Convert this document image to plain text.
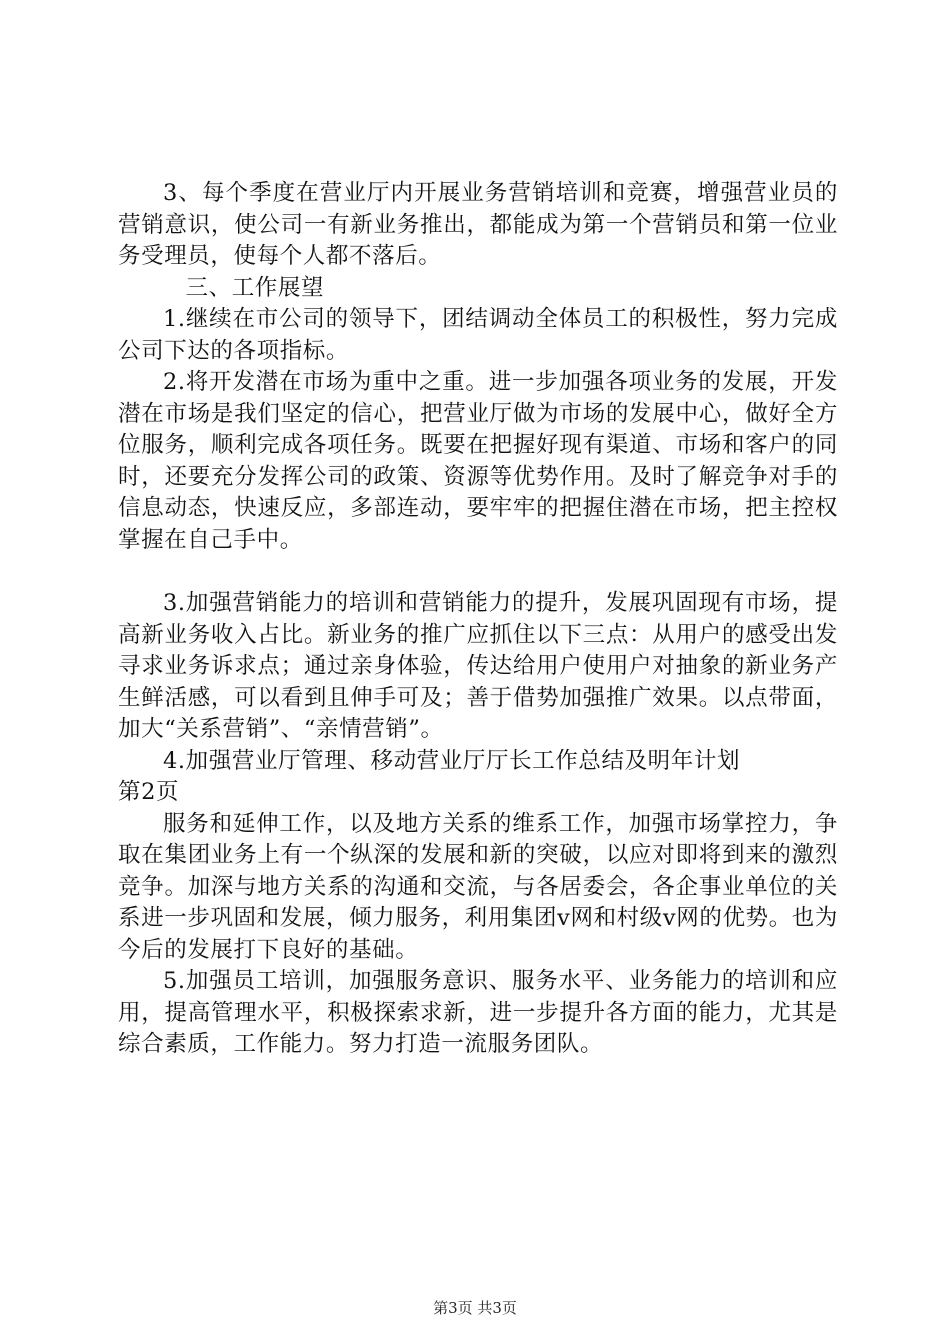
3、每个季度在营业厅内开展业务营销培训和竞赛，增强营业员的营销意识，使公司一有新业务推出，都能成为第一个营销员和第一位业务受理员，使每个人都不落后。

三、工作展望

1.继续在市公司的领导下，团结调动全体员工的积极性，努力完成公司下达的各项指标。

2.将开发潜在市场为重中之重。进一步加强各项业务的发展，开发潜在市场是我们坚定的信心，把营业厅做为市场的发展中心，做好全方位服务，顺利完成各项任务。既要在把握好现有渠道、市场和客户的同时，还要充分发挥公司的政策、资源等优势作用。及时了解竞争对手的信息动态，快速反应，多部连动，要牢牢的把握住潜在市场，把主控权掌握在自己手中。

3.加强营销能力的培训和营销能力的提升，发展巩固现有市场，提高新业务收入占比。新业务的推广应抓住以下三点：从用户的感受出发寻求业务诉求点；通过亲身体验，传达给用户使用户对抽象的新业务产生鲜活感，可以看到且伸手可及；善于借势加强推广效果。以点带面，加大“关系营销”、“亲情营销”。

4.加强营业厅管理、移动营业厅厅长工作总结及明年计划

第2页

服务和延伸工作，以及地方关系的维系工作，加强市场掌控力，争取在集团业务上有一个纵深的发展和新的突破，以应对即将到来的激烈竞争。加深与地方关系的沟通和交流，与各居委会，各企事业单位的关系进一步巩固和发展，倾力服务，利用集团v网和村级v网的优势。也为今后的发展打下良好的基础。

5.加强员工培训，加强服务意识、服务水平、业务能力的培训和应用，提高管理水平，积极探索求新，进一步提升各方面的能力，尤其是综合素质，工作能力。努力打造一流服务团队。

第3页 共3页
